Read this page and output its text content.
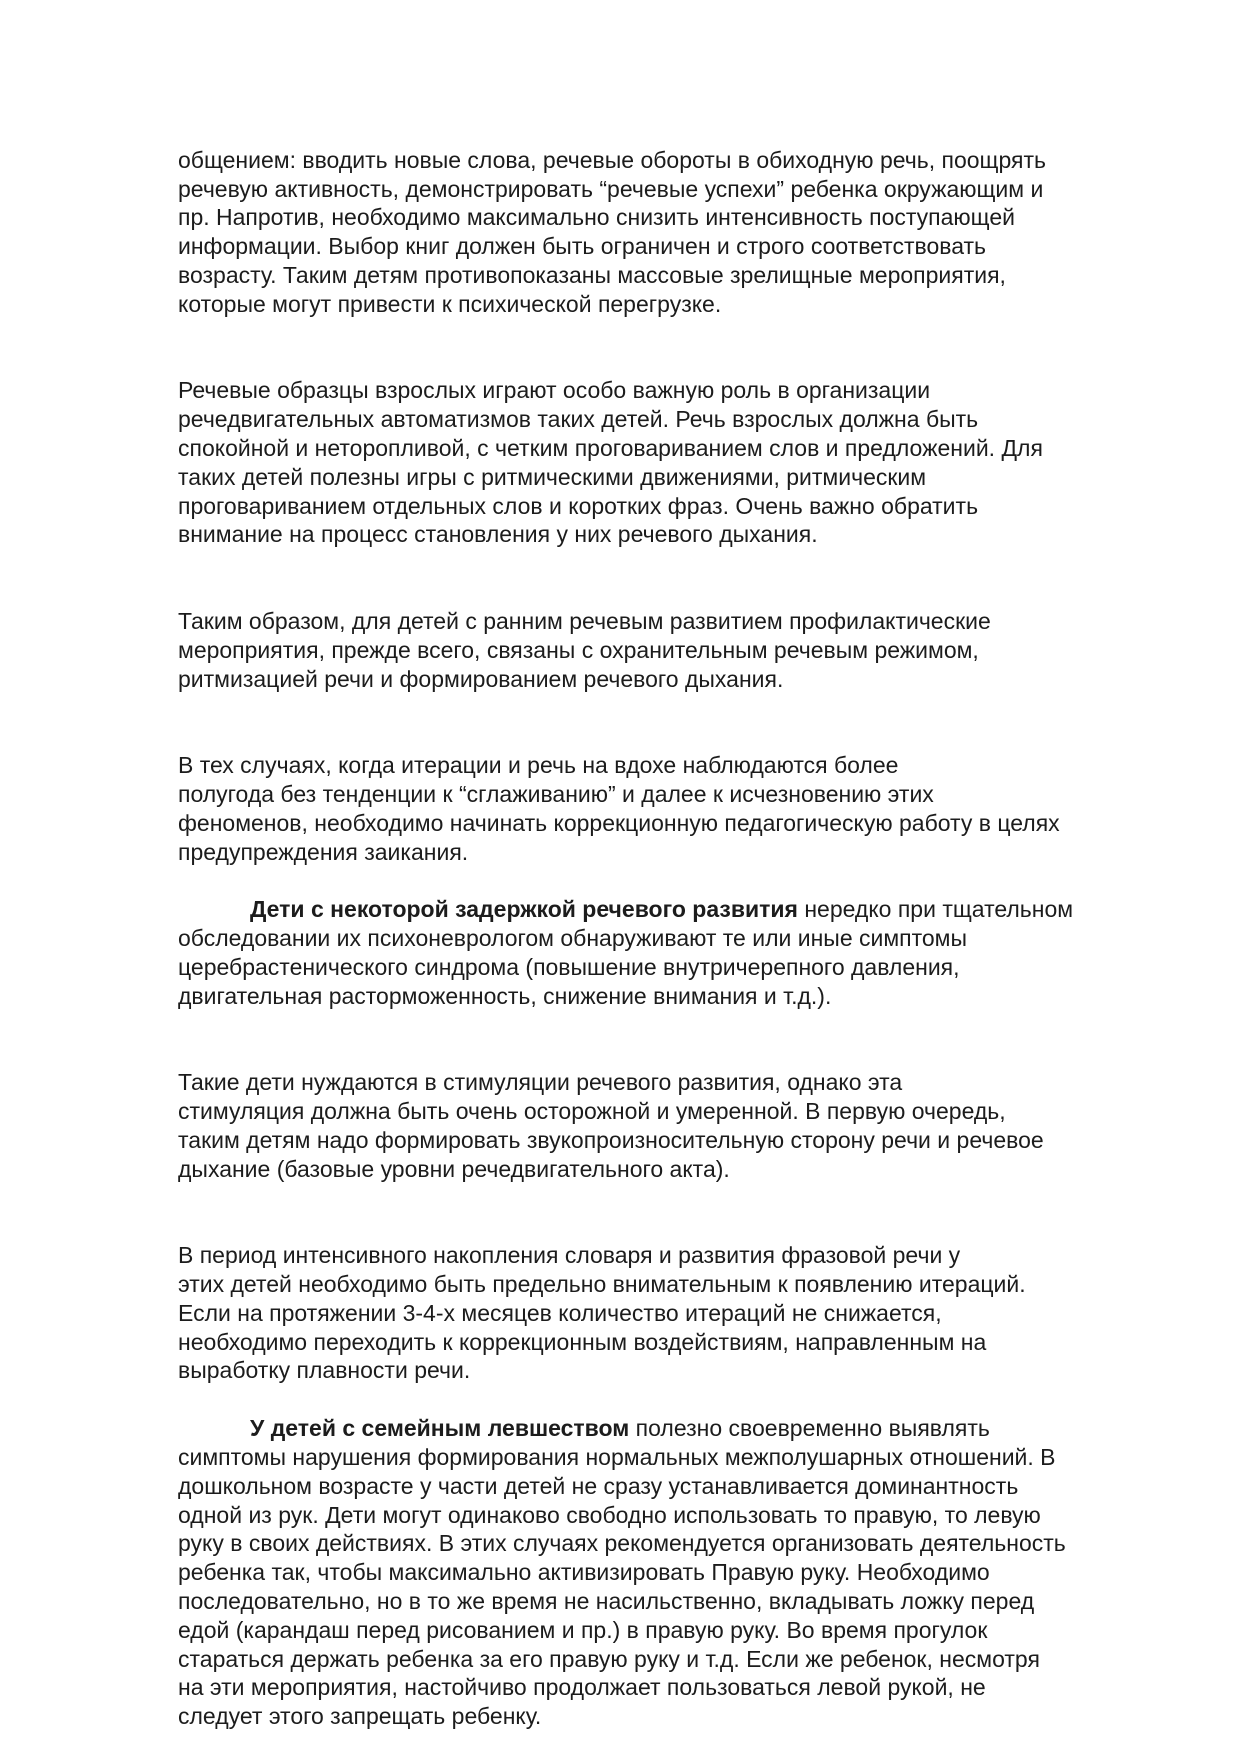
общением: вводить новые слова, речевые обороты в обиходную речь, поощрять
речевую активность, демонстрировать “речевые успехи” ребенка окружающим и
пр. Напротив, необходимо максимально снизить интенсивность поступающей
информации. Выбор книг должен быть ограничен и строго соответствовать
возрасту. Таким детям противопоказаны массовые зрелищные мероприятия,
которые могут привести к психической перегрузке.

Речевые образцы взрослых играют особо важную роль в организации
речедвигательных автоматизмов таких детей. Речь взрослых должна быть
спокойной и неторопливой, с четким проговариванием слов и предложений. Для
таких детей полезны игры с ритмическими движениями, ритмическим
проговариванием отдельных слов и коротких фраз. Очень важно обратить
внимание на процесс становления у них речевого дыхания.

Таким образом, для детей с ранним речевым развитием профилактические
мероприятия, прежде всего, связаны с охранительным речевым режимом,
ритмизацией речи и формированием речевого дыхания.

В тех случаях, когда итерации и речь на вдохе наблюдаются более
полугода без тенденции к “сглаживанию” и далее к исчезновению этих
феноменов, необходимо начинать коррекционную педагогическую работу в целях
предупреждения заикания.

Дети с некоторой задержкой речевого развития нередко при тщательном
обследовании их психоневрологом обнаруживают те или иные симптомы
церебрастенического синдрома (повышение внутричерепного давления,
двигательная расторможенность, снижение внимания и т.д.).

Такие дети нуждаются в стимуляции речевого развития, однако эта
стимуляция должна быть очень осторожной и умеренной. В первую очередь,
таким детям надо формировать звукопроизносительную сторону речи и речевое
дыхание (базовые уровни речедвигательного акта).

В период интенсивного накопления словаря и развития фразовой речи у
этих детей необходимо быть предельно внимательным к появлению итераций.
Если на протяжении 3-4-х месяцев количество итераций не снижается,
необходимо переходить к коррекционным воздействиям, направленным на
выработку плавности речи.

У детей с семейным левшеством полезно своевременно выявлять
симптомы нарушения формирования нормальных межполушарных отношений. В
дошкольном возрасте у части детей не сразу устанавливается доминантность
одной из рук. Дети могут одинаково свободно использовать то правую, то левую
руку в своих действиях. В этих случаях рекомендуется организовать деятельность
ребенка так, чтобы максимально активизировать Правую руку. Необходимо
последовательно, но в то же время не насильственно, вкладывать ложку перед
едой (карандаш перед рисованием и пр.) в правую руку. Во время прогулок
стараться держать ребенка за его правую руку и т.д. Если же ребенок, несмотря
на эти мероприятия, настойчиво продолжает пользоваться левой рукой, не
следует этого запрещать ребенку.
